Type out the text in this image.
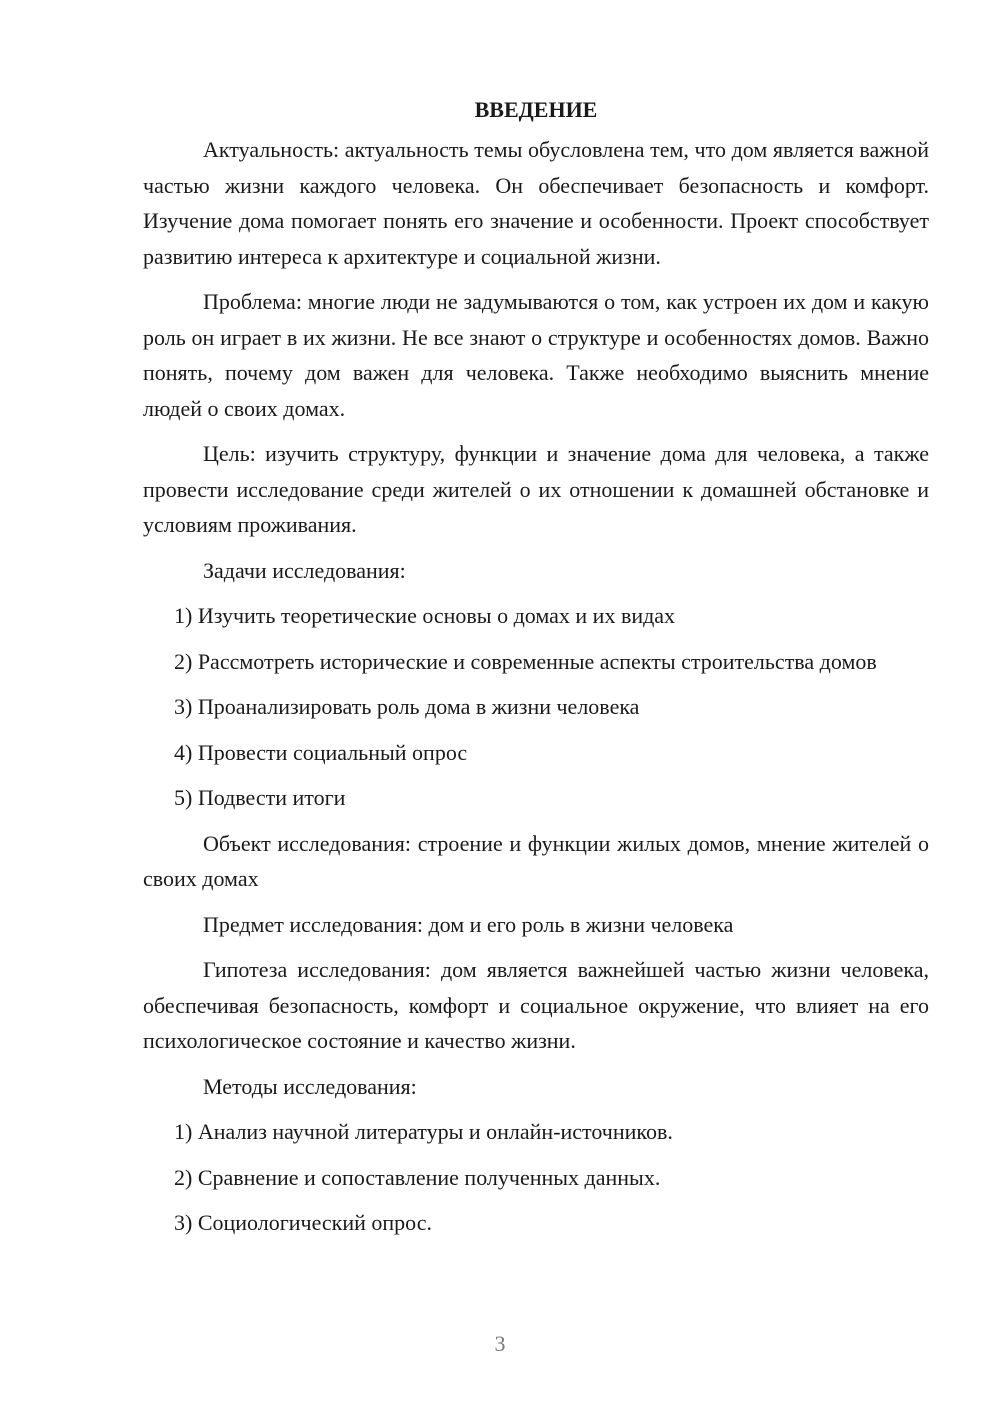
ВВЕДЕНИЕ

Актуальность: актуальность темы обусловлена тем, что дом является важной частью жизни каждого человека. Он обеспечивает безопасность и комфорт. Изучение дома помогает понять его значение и особенности. Проект способствует развитию интереса к архитектуре и социальной жизни.

Проблема: многие люди не задумываются о том, как устроен их дом и какую роль он играет в их жизни. Не все знают о структуре и особенностях домов. Важно понять, почему дом важен для человека. Также необходимо выяснить мнение людей о своих домах.

Цель: изучить структуру, функции и значение дома для человека, а также провести исследование среди жителей о их отношении к домашней обстановке и условиям проживания.

Задачи исследования:

1) Изучить теоретические основы о домах и их видах

2) Рассмотреть исторические и современные аспекты строительства домов

3) Проанализировать роль дома в жизни человека

4) Провести социальный опрос

5) Подвести итоги

Объект исследования: строение и функции жилых домов, мнение жителей о своих домах

Предмет исследования: дом и его роль в жизни человека

Гипотеза исследования: дом является важнейшей частью жизни человека, обеспечивая безопасность, комфорт и социальное окружение, что влияет на его психологическое состояние и качество жизни.

Методы исследования:

1) Анализ научной литературы и онлайн-источников.

2) Сравнение и сопоставление полученных данных.

3) Социологический опрос.

3
